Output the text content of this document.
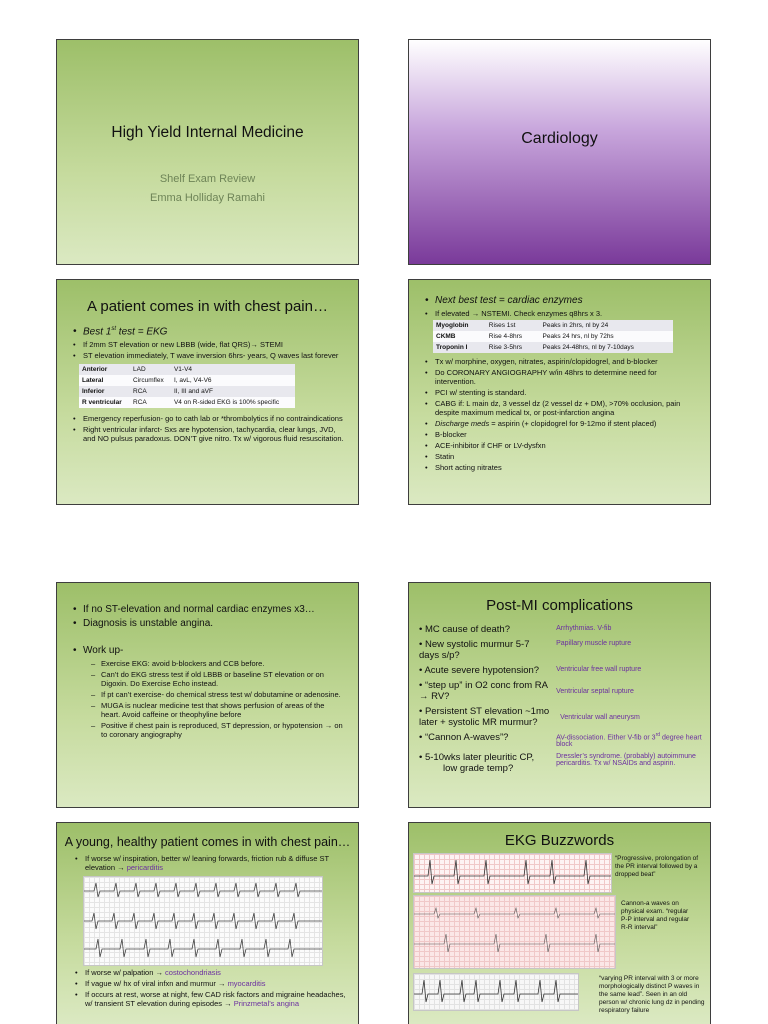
High Yield Internal Medicine
Shelf Exam Review
Emma Holliday Ramahi
Cardiology
A patient comes in with chest pain…
• Best 1st test = EKG
• If 2mm ST elevation or new LBBB (wide, flat QRS)→ STEMI
• ST elevation immediately, T wave inversion 6hrs- years, Q waves last forever
Anterior	LAD	V1-V4
Lateral	Circumflex	I, avL, V4-V6
Inferior	RCA	II, III and aVF
R ventricular	RCA	V4 on R-sided EKG is 100% specific
• Emergency reperfusion- go to cath lab or *thrombolytics if no contraindications
• Right ventricular infarct- Sxs are hypotension, tachycardia, clear lungs, JVD, and NO pulsus paradoxus. DON’T give nitro. Tx w/ vigorous fluid resuscitation.
• Next best test = cardiac enzymes
• If elevated → NSTEMI. Check enzymes q8hrs x 3.
Myoglobin	Rises 1st	Peaks in 2hrs, nl by 24
CKMB	Rise 4-8hrs	Peaks 24 hrs, nl by 72hs
Troponin I	Rise 3-5hrs	Peaks 24-48hrs, nl by 7-10days
• Tx w/ morphine, oxygen, nitrates, aspirin/clopidogrel, and b-blocker
• Do CORONARY ANGIOGRAPHY w/in 48hrs to determine need for intervention.
• PCI w/ stenting is standard.
• CABG if: L main dz, 3 vessel dz (2 vessel dz + DM), >70% occlusion, pain despite maximum medical tx, or post-infarction angina
• Discharge meds = aspirin (+ clopidogrel for 9-12mo if stent placed)
• B-blocker
• ACE-inhibitor if CHF or LV-dysfxn
• Statin
• Short acting nitrates
• If no ST-elevation and normal cardiac enzymes x3…
• Diagnosis is unstable angina.
• Work up-
– Exercise EKG: avoid b-blockers and CCB before.
– Can’t do EKG stress test if old LBBB or baseline ST elevation or on Digoxin. Do Exercise Echo instead.
– If pt can’t exercise- do chemical stress test w/ dobutamine or adenosine.
– MUGA is nuclear medicine test that shows perfusion of areas of the heart. Avoid caffeine or theophyline before
– Positive if chest pain is reproduced, ST depression, or hypotension → on to coronary angiography
Post-MI complications
• MC cause of death?	Arrhythmias. V-fib
• New systolic murmur 5-7 days s/p?	Papillary muscle rupture
• Acute severe hypotension?	Ventricular free wall rupture
• “step up” in O2 conc from RA → RV?	Ventricular septal rupture
• Persistent ST elevation ~1mo later + systolic MR murmur?	Ventricular wall aneurysm
• “Cannon A-waves”?	AV-dissociation. Either V-fib or 3rd degree heart block
• 5-10wks later pleuritic CP,
low grade temp?	Dressler’s syndrome. (probably) autoimmune pericarditis. Tx w/ NSAIDs and aspirin.
A young, healthy patient comes in with chest pain…
• If worse w/ inspiration, better w/ leaning forwards, friction rub & diffuse ST elevation → pericarditis
• If worse w/ palpation → costochondriasis
• If vague w/ hx of viral infxn and murmur → myocarditis
• If occurs at rest, worse at night, few CAD risk factors and migraine headaches, w/ transient ST elevation during episodes → Prinzmetal’s angina
EKG Buzzwords
“Progressive, prolongation of the PR interval followed by a dropped beat”
Cannon-a waves on physical exam. “regular P-P interval and regular R-R interval”
“varying PR interval with 3 or more morphologically distinct P waves in the same lead”. Seen in an old person w/ chronic lung dz in pending respiratory failure
